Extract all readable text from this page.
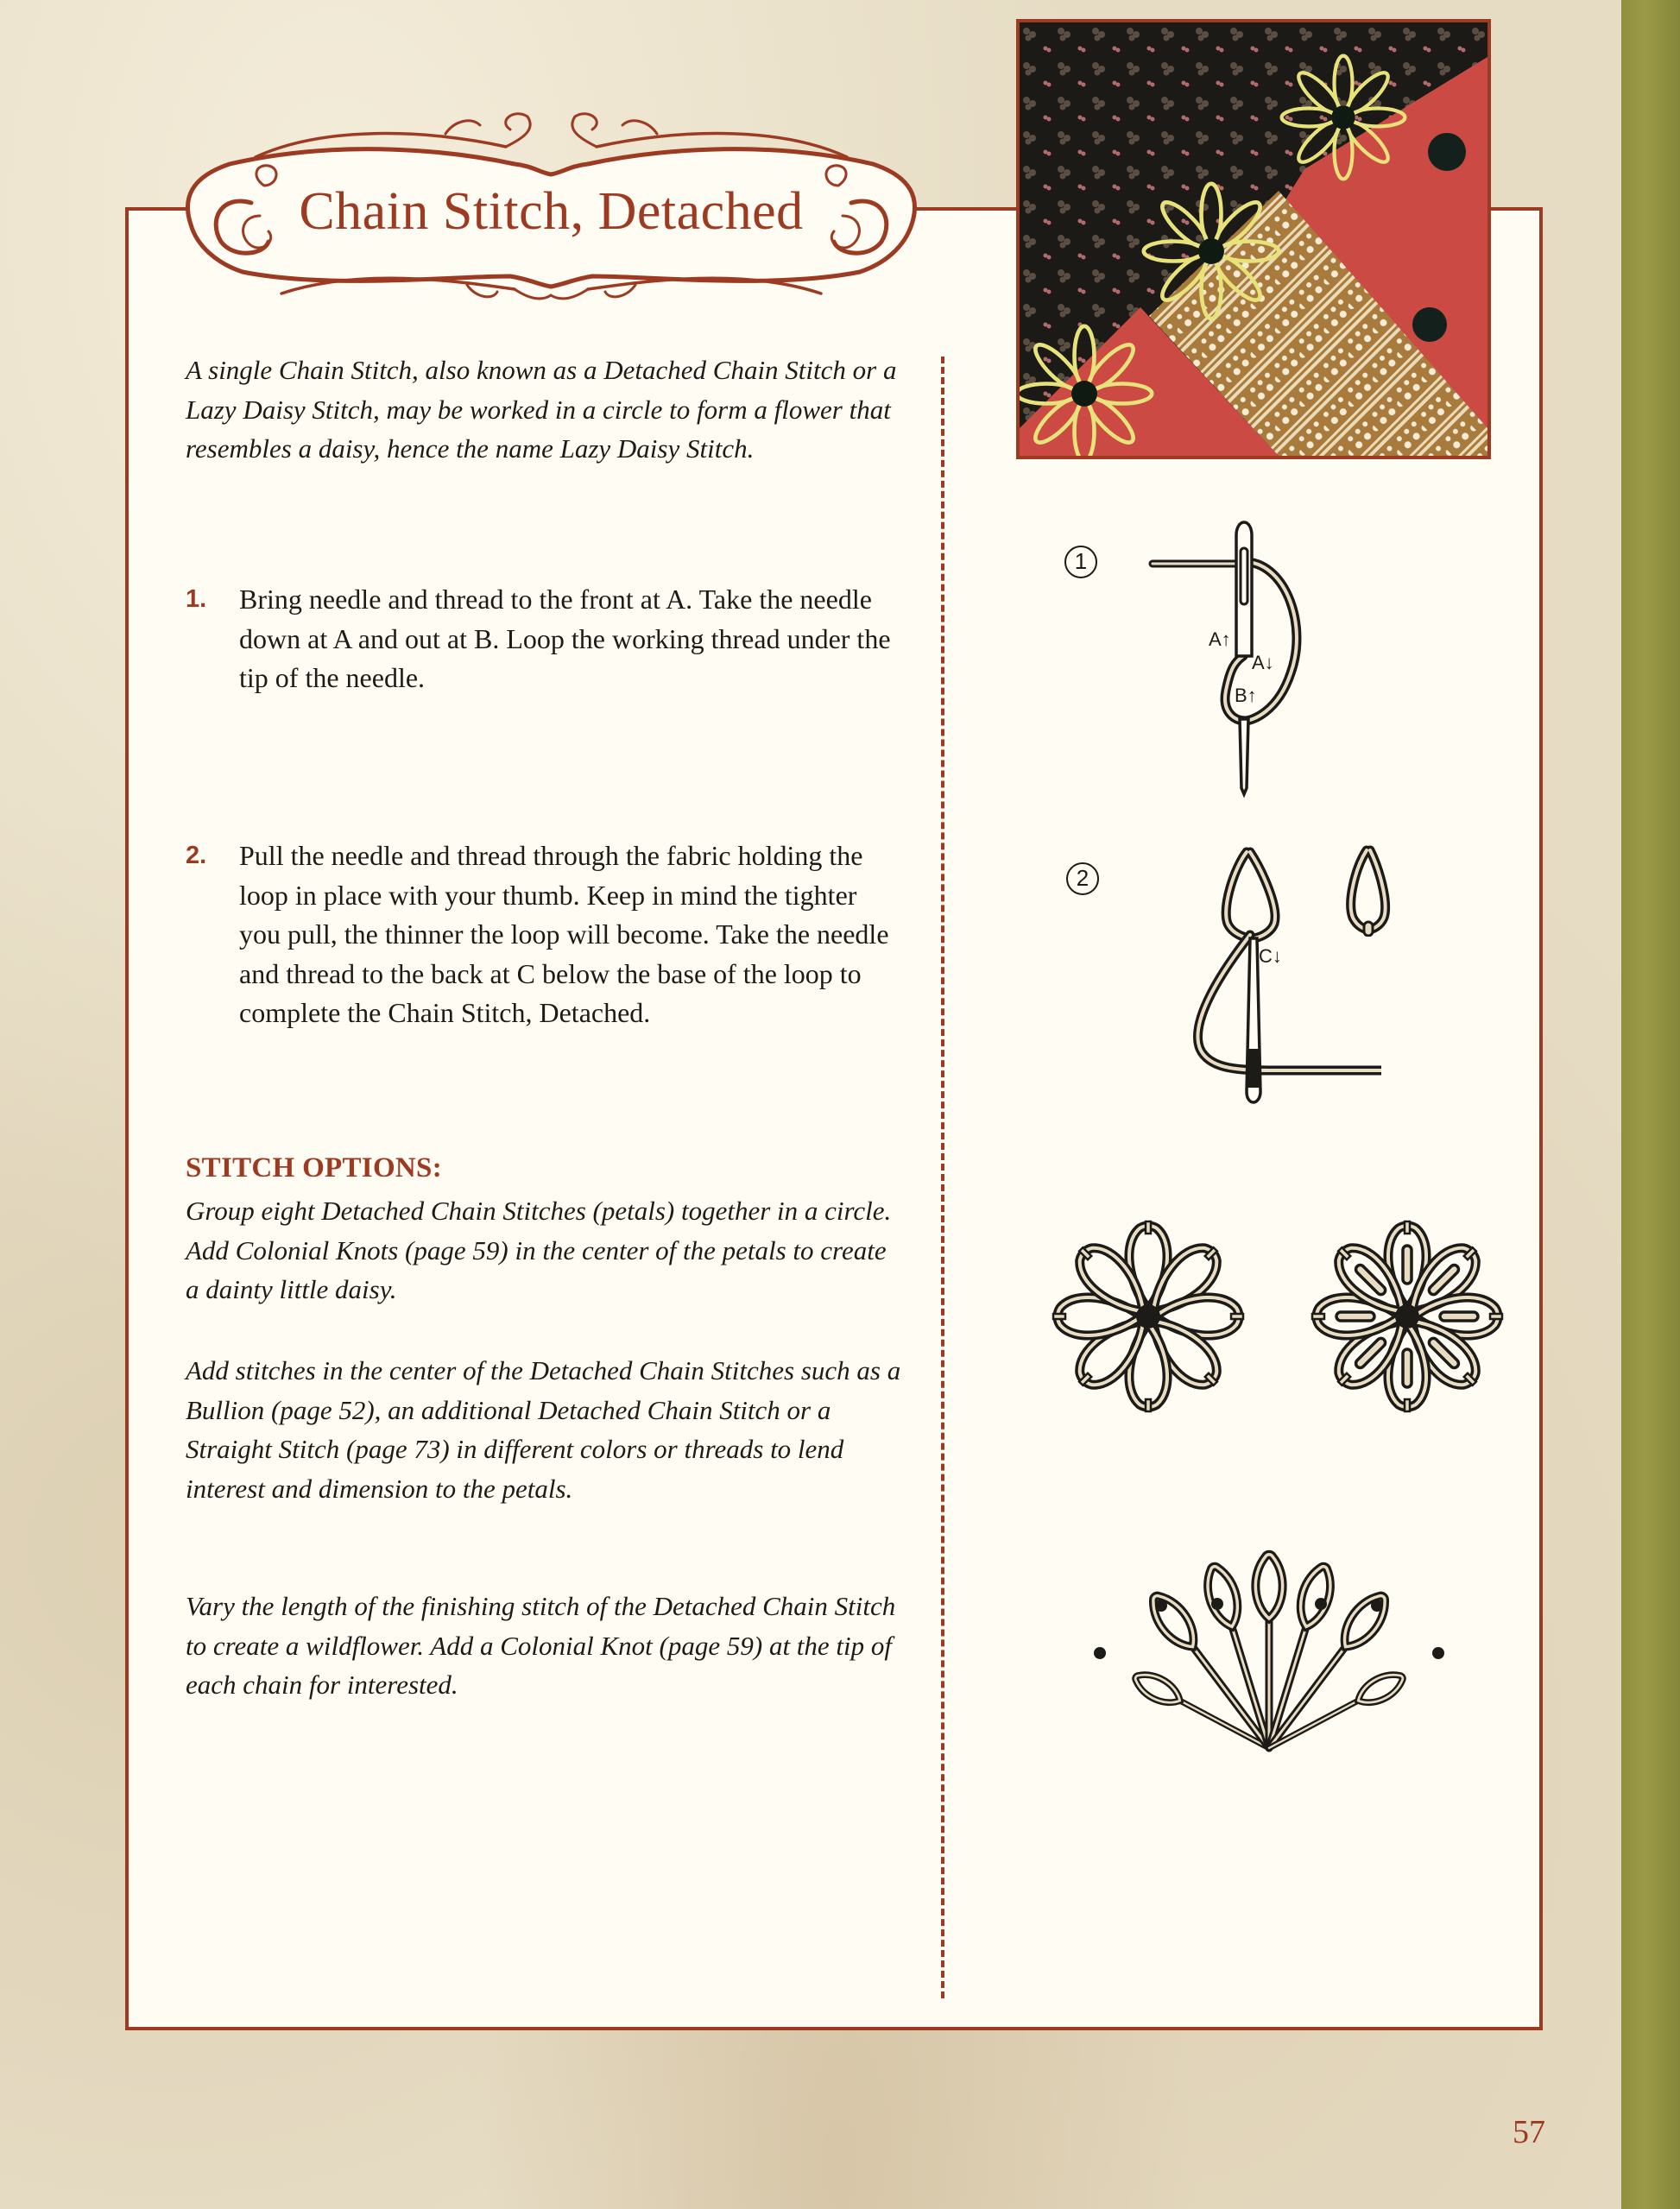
Chain Stitch, Detached
A single Chain Stitch, also known as a Detached Chain Stitch or a Lazy Daisy Stitch, may be worked in a circle to form a flower that resembles a daisy, hence the name Lazy Daisy Stitch.
1. Bring needle and thread to the front at A. Take the needle down at A and out at B. Loop the working thread under the tip of the needle.
2. Pull the needle and thread through the fabric holding the loop in place with your thumb. Keep in mind the tighter you pull, the thinner the loop will become. Take the needle and thread to the back at C below the base of the loop to complete the Chain Stitch, Detached.
STITCH OPTIONS:
Group eight Detached Chain Stitches (petals) together in a circle. Add Colonial Knots (page 59) in the center of the petals to create a dainty little daisy.
Add stitches in the center of the Detached Chain Stitches such as a Bullion (page 52), an additional Detached Chain Stitch or a Straight Stitch (page 73) in different colors or threads to lend interest and dimension to the petals.
Vary the length of the finishing stitch of the Detached Chain Stitch to create a wildflower. Add a Colonial Knot (page 59) at the tip of each chain for interested.
1
A↑
A↓
B↑
2
C↓
57
